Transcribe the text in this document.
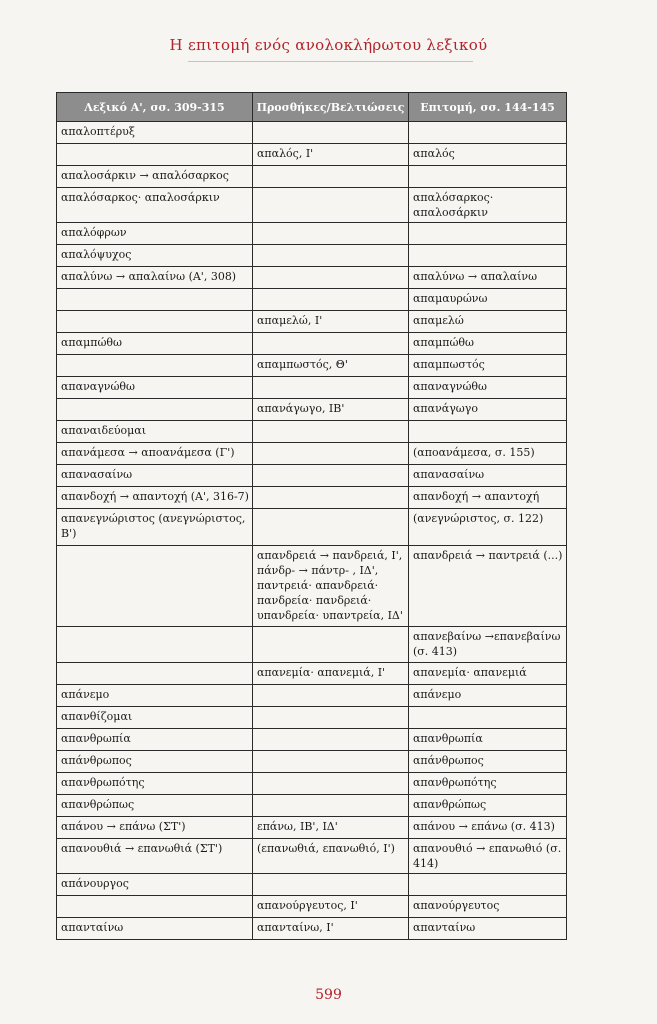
Η επιτομή ενός ανολοκλήρωτου λεξικού
Λεξικό Α', σσ. 309-315	Προσθήκες/Βελτιώσεις	Επιτομή, σσ. 144-145
απαλοπτέρυξ		
	απαλός, Ι'	απαλός
απαλοσάρκιν → απαλόσαρκος		
απαλόσαρκος· απαλοσάρκιν		απαλόσαρκος· απαλοσάρκιν
απαλόφρων		
απαλόψυχος		
απαλύνω → απαλαίνω (Α', 308)		απαλύνω → απαλαίνω
		απαμαυρώνω
	απαμελώ, Ι'	απαμελώ
απαμπώθω		απαμπώθω
	απαμπωστός, Θ'	απαμπωστός
απαναγνώθω		απαναγνώθω
	απανάγωγο, ΙΒ'	απανάγωγο
απαναιδεύομαι		
απανάμεσα → αποανάμεσα (Γ')		(αποανάμεσα, σ. 155)
απανασαίνω		απανασαίνω
απανδοχή → απαντοχή (Α', 316-7)		απανδοχή → απαντοχή
απανεγνώριστος (ανεγνώριστος, Β')		(ανεγνώριστος, σ. 122)
	απανδρειά → πανδρειά, Ι', πάνδρ- → πάντρ- , ΙΔ', παντρειά· απανδρειά· πανδρεία· πανδρειά· υπανδρεία· υπαντρεία, ΙΔ'	απανδρειά → παντρειά (...)
		απανεβαίνω →επανεβαίνω (σ. 413)
	απανεμία· απανεμιά, Ι'	απανεμία· απανεμιά
απάνεμο		απάνεμο
απανθίζομαι		
απανθρωπία		απανθρωπία
απάνθρωπος		απάνθρωπος
απανθρωπότης		απανθρωπότης
απανθρώπως		απανθρώπως
απάνου → επάνω (ΣΤ')	επάνω, ΙΒ', ΙΔ'	απάνου → επάνω (σ. 413)
απανουθιά → επανωθιά (ΣΤ')	(επανωθιά, επανωθιό, Ι')	απανουθιό → επανωθιό (σ. 414)
απάνουργος		
	απανούργευτος, Ι'	απανούργευτος
απανταίνω	απανταίνω, Ι'	απανταίνω
599
